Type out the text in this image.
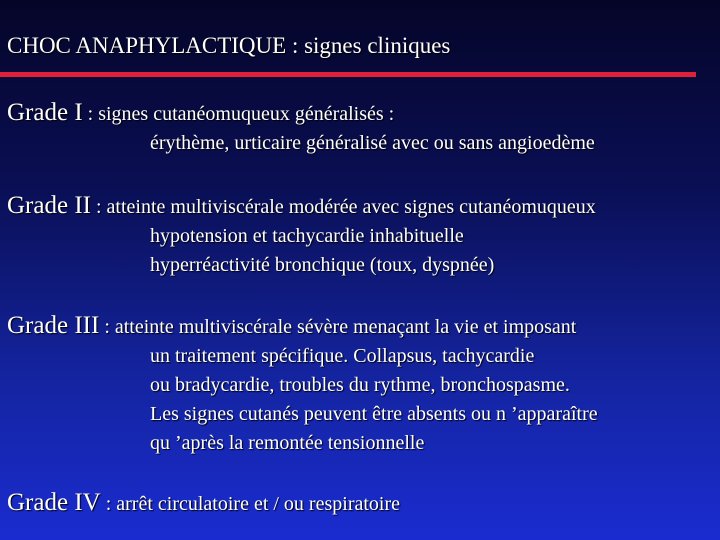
CHOC ANAPHYLACTIQUE : signes cliniques
Grade I : signes cutanéomuqueux généralisés :
érythème, urticaire généralisé avec ou sans angioedème
Grade II : atteinte multiviscérale modérée avec signes cutanéomuqueux
hypotension et tachycardie inhabituelle
hyperréactivité bronchique (toux, dyspnée)
Grade III : atteinte multiviscérale sévère menaçant la vie et imposant
un traitement spécifique. Collapsus, tachycardie
ou bradycardie, troubles du rythme, bronchospasme.
Les signes cutanés peuvent être absents ou n ’apparaître
qu ’après la remontée tensionnelle
Grade IV : arrêt circulatoire et / ou respiratoire
